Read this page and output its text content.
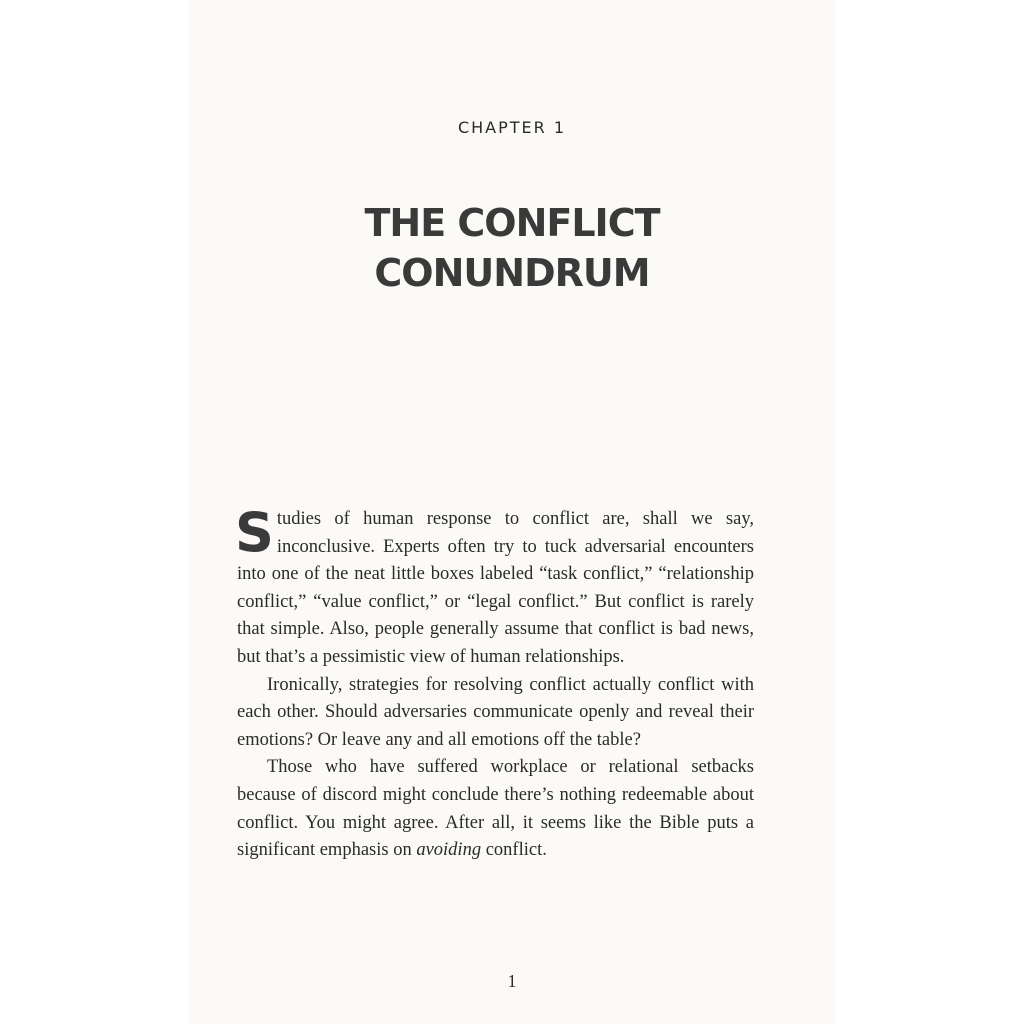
CHAPTER 1
THE CONFLICT
CONUNDRUM

Studies of human response to conflict are, shall we say, inconclusive. Experts often try to tuck adversarial encounters into one of the neat little boxes labeled “task conflict,” “relationship conflict,” “value conflict,” or “legal conflict.” But conflict is rarely that simple. Also, people generally assume that conflict is bad news, but that’s a pessimistic view of human relationships.

Ironically, strategies for resolving conflict actually conflict with each other. Should adversaries communicate openly and reveal their emotions? Or leave any and all emotions off the table?

Those who have suffered workplace or relational setbacks because of discord might conclude there’s nothing redeemable about conflict. You might agree. After all, it seems like the Bible puts a significant emphasis on avoiding conflict.

1
